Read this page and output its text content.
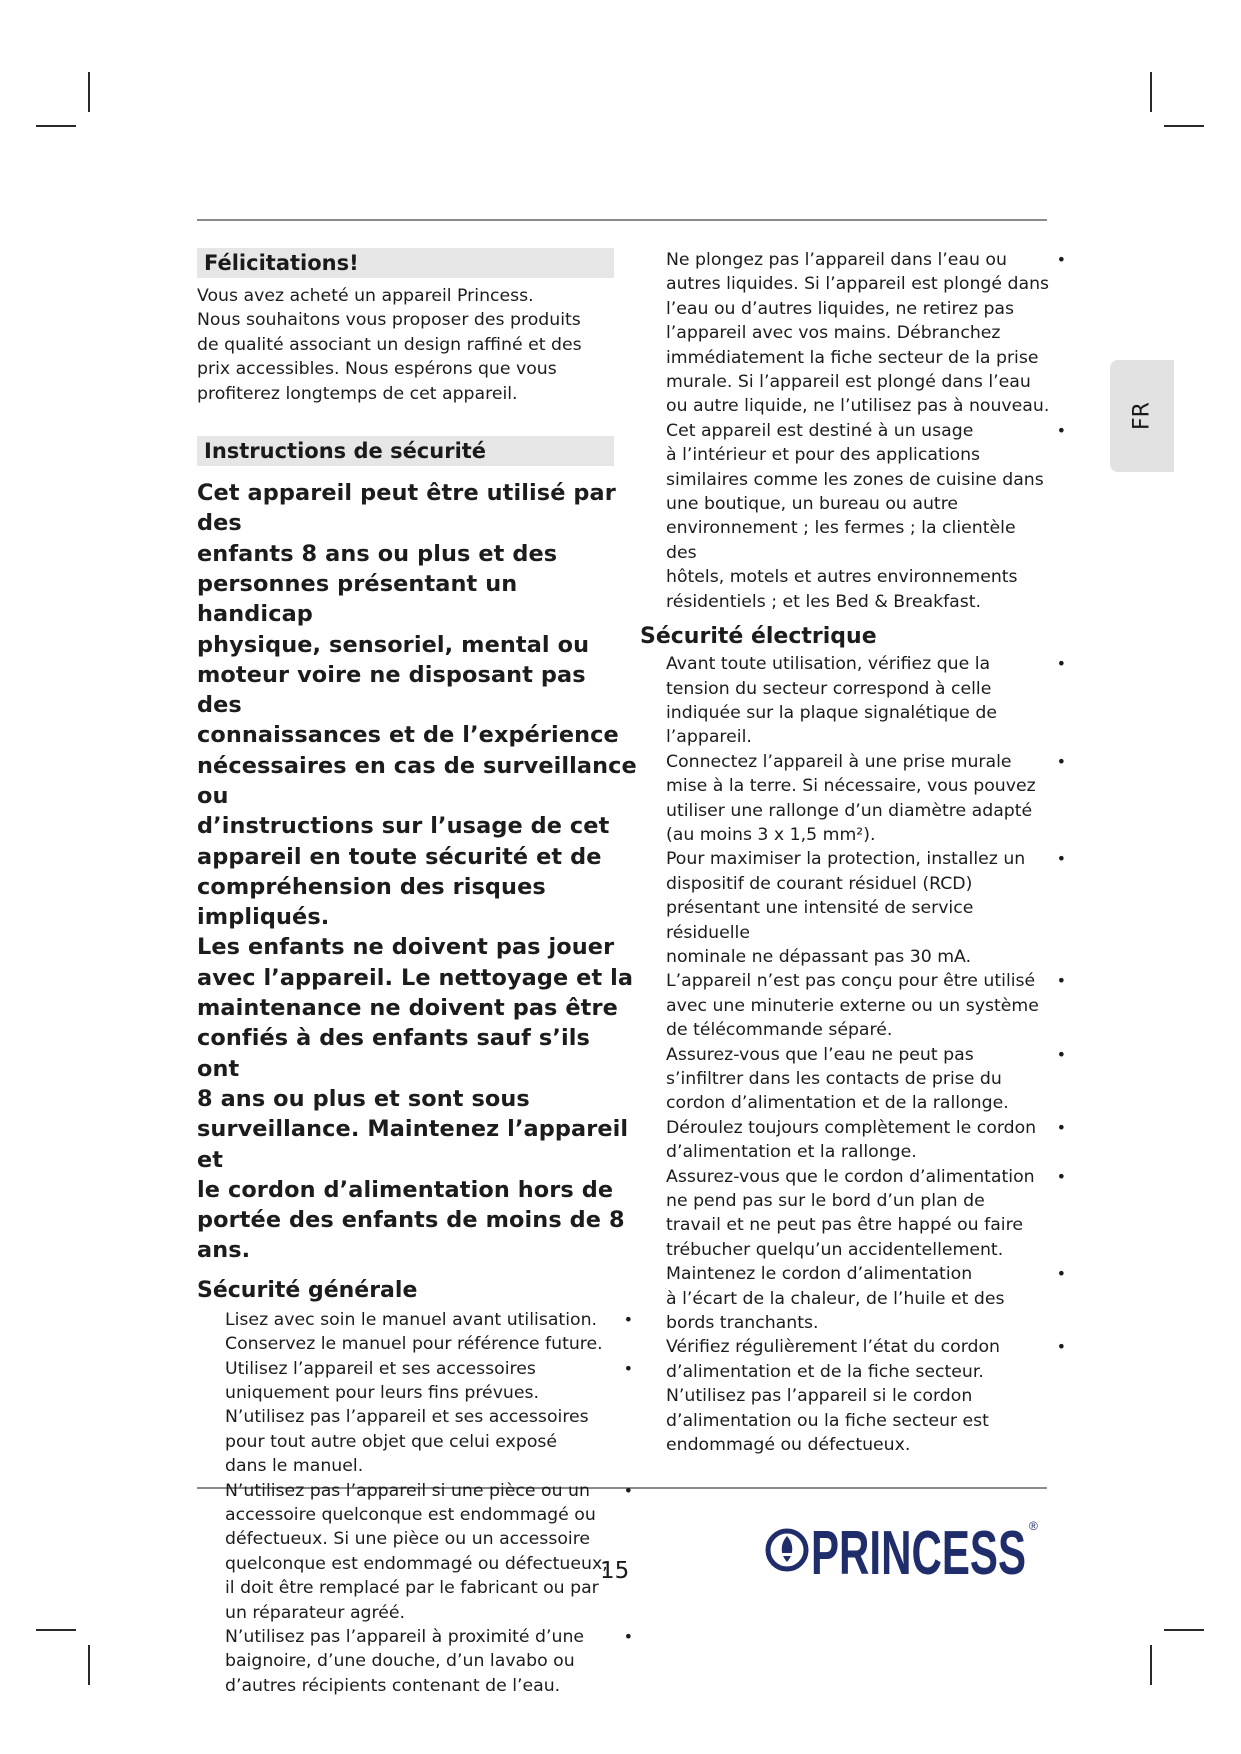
FR
Félicitations!

Vous avez acheté un appareil Princess.

Nous souhaitons vous proposer des produits

de qualité associant un design raffiné et des

prix accessibles. Nous espérons que vous

profiterez longtemps de cet appareil.

Instructions de sécurité
Cet appareil peut être utilisé par des
enfants 8 ans ou plus et des
personnes présentant un handicap
physique, sensoriel, mental ou
moteur voire ne disposant pas des
connaissances et de l’expérience
nécessaires en cas de surveillance ou
d’instructions sur l’usage de cet
appareil en toute sécurité et de
compréhension des risques impliqués.
Les enfants ne doivent pas jouer
avec l’appareil. Le nettoyage et la
maintenance ne doivent pas être
confiés à des enfants sauf s’ils ont
8 ans ou plus et sont sous
surveillance. Maintenez l’appareil et
le cordon d’alimentation hors de
portée des enfants de moins de 8 ans.
Sécurité générale
•
Lisez avec soin le manuel avant utilisation.
Conservez le manuel pour référence future.
•
Utilisez l’appareil et ses accessoires
uniquement pour leurs fins prévues.
N’utilisez pas l’appareil et ses accessoires
pour tout autre objet que celui exposé
dans le manuel.
•
N’utilisez pas l’appareil si une pièce ou un
accessoire quelconque est endommagé ou
défectueux. Si une pièce ou un accessoire
quelconque est endommagé ou défectueux,
il doit être remplacé par le fabricant ou par
un réparateur agréé.
•
N’utilisez pas l’appareil à proximité d’une
baignoire, d’une douche, d’un lavabo ou
d’autres récipients contenant de l’eau.
•
Ne plongez pas l’appareil dans l’eau ou
autres liquides. Si l’appareil est plongé dans
l’eau ou d’autres liquides, ne retirez pas
l’appareil avec vos mains. Débranchez
immédiatement la fiche secteur de la prise
murale. Si l’appareil est plongé dans l’eau
ou autre liquide, ne l’utilisez pas à nouveau.
•
Cet appareil est destiné à un usage
à l’intérieur et pour des applications
similaires comme les zones de cuisine dans
une boutique, un bureau ou autre
environnement ; les fermes ; la clientèle des
hôtels, motels et autres environnements
résidentiels ; et les Bed & Breakfast.
Sécurité électrique
•
Avant toute utilisation, vérifiez que la
tension du secteur correspond à celle
indiquée sur la plaque signalétique de
l’appareil.
•
Connectez l’appareil à une prise murale
mise à la terre. Si nécessaire, vous pouvez
utiliser une rallonge d’un diamètre adapté
(au moins 3 x 1,5 mm²).
•
Pour maximiser la protection, installez un
dispositif de courant résiduel (RCD)
présentant une intensité de service résiduelle
nominale ne dépassant pas 30 mA.
•
L’appareil n’est pas conçu pour être utilisé
avec une minuterie externe ou un système
de télécommande séparé.
•
Assurez-vous que l’eau ne peut pas
s’infiltrer dans les contacts de prise du
cordon d’alimentation et de la rallonge.
•
Déroulez toujours complètement le cordon
d’alimentation et la rallonge.
•
Assurez-vous que le cordon d’alimentation
ne pend pas sur le bord d’un plan de
travail et ne peut pas être happé ou faire
trébucher quelqu’un accidentellement.
•
Maintenez le cordon d’alimentation
à l’écart de la chaleur, de l’huile et des
bords tranchants.
•
Vérifiez régulièrement l’état du cordon
d’alimentation et de la fiche secteur.
N’utilisez pas l’appareil si le cordon
d’alimentation ou la fiche secteur est
endommagé ou défectueux.
15	PRINCESS ®
